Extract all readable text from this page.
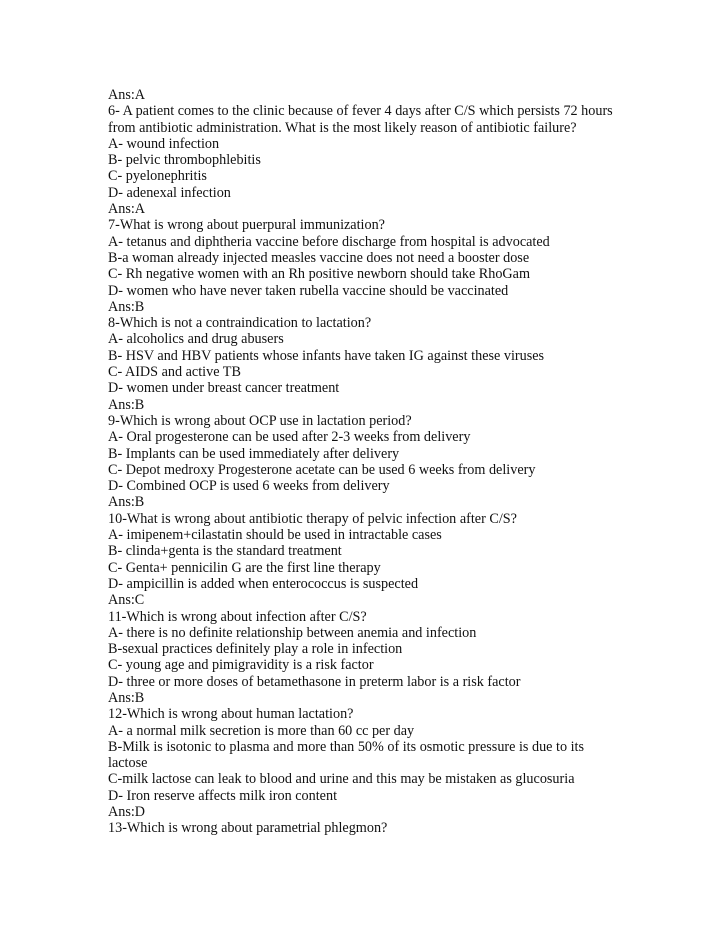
Ans:A
6- A patient comes to the clinic because of fever 4 days after C/S which persists 72 hours
from antibiotic administration. What is the most likely reason of antibiotic failure?
A- wound infection
B- pelvic thrombophlebitis
C- pyelonephritis
D- adenexal infection
Ans:A
7-What is wrong about puerpural immunization?
A- tetanus and diphtheria vaccine before discharge from hospital is advocated
B-a woman already injected measles vaccine does not need a booster dose
C- Rh negative women with an Rh positive newborn should take RhoGam
D- women who have never taken rubella vaccine should be vaccinated
Ans:B
8-Which is not a contraindication to lactation?
A- alcoholics and drug abusers
B- HSV and HBV patients whose infants have taken IG against these viruses
C- AIDS and active TB
D- women under breast cancer treatment
Ans:B
9-Which is wrong about OCP use in lactation period?
A- Oral progesterone can be used after 2-3 weeks from delivery
B- Implants can be used immediately after delivery
C- Depot medroxy Progesterone acetate can be used 6 weeks from delivery
D- Combined OCP is used 6 weeks from delivery
Ans:B
10-What is wrong about antibiotic therapy of pelvic infection after C/S?
A- imipenem+cilastatin should be used in intractable cases
B- clinda+genta is the standard treatment
C- Genta+ pennicilin G are the first line therapy
D- ampicillin is added when enterococcus is suspected
Ans:C
11-Which is wrong about infection after C/S?
A- there is no definite relationship between anemia and infection
B-sexual practices definitely play a role in infection
C- young age and pimigravidity is a risk factor
D- three or more doses of betamethasone in preterm labor is a risk factor
Ans:B
12-Which is wrong about human lactation?
A- a normal milk secretion is more than 60 cc per day
B-Milk is isotonic to plasma and more than 50% of its osmotic pressure is due to its
lactose
C-milk lactose can leak to blood and urine and this may be mistaken as glucosuria
D- Iron reserve affects milk iron content
Ans:D
13-Which is wrong about parametrial phlegmon?
